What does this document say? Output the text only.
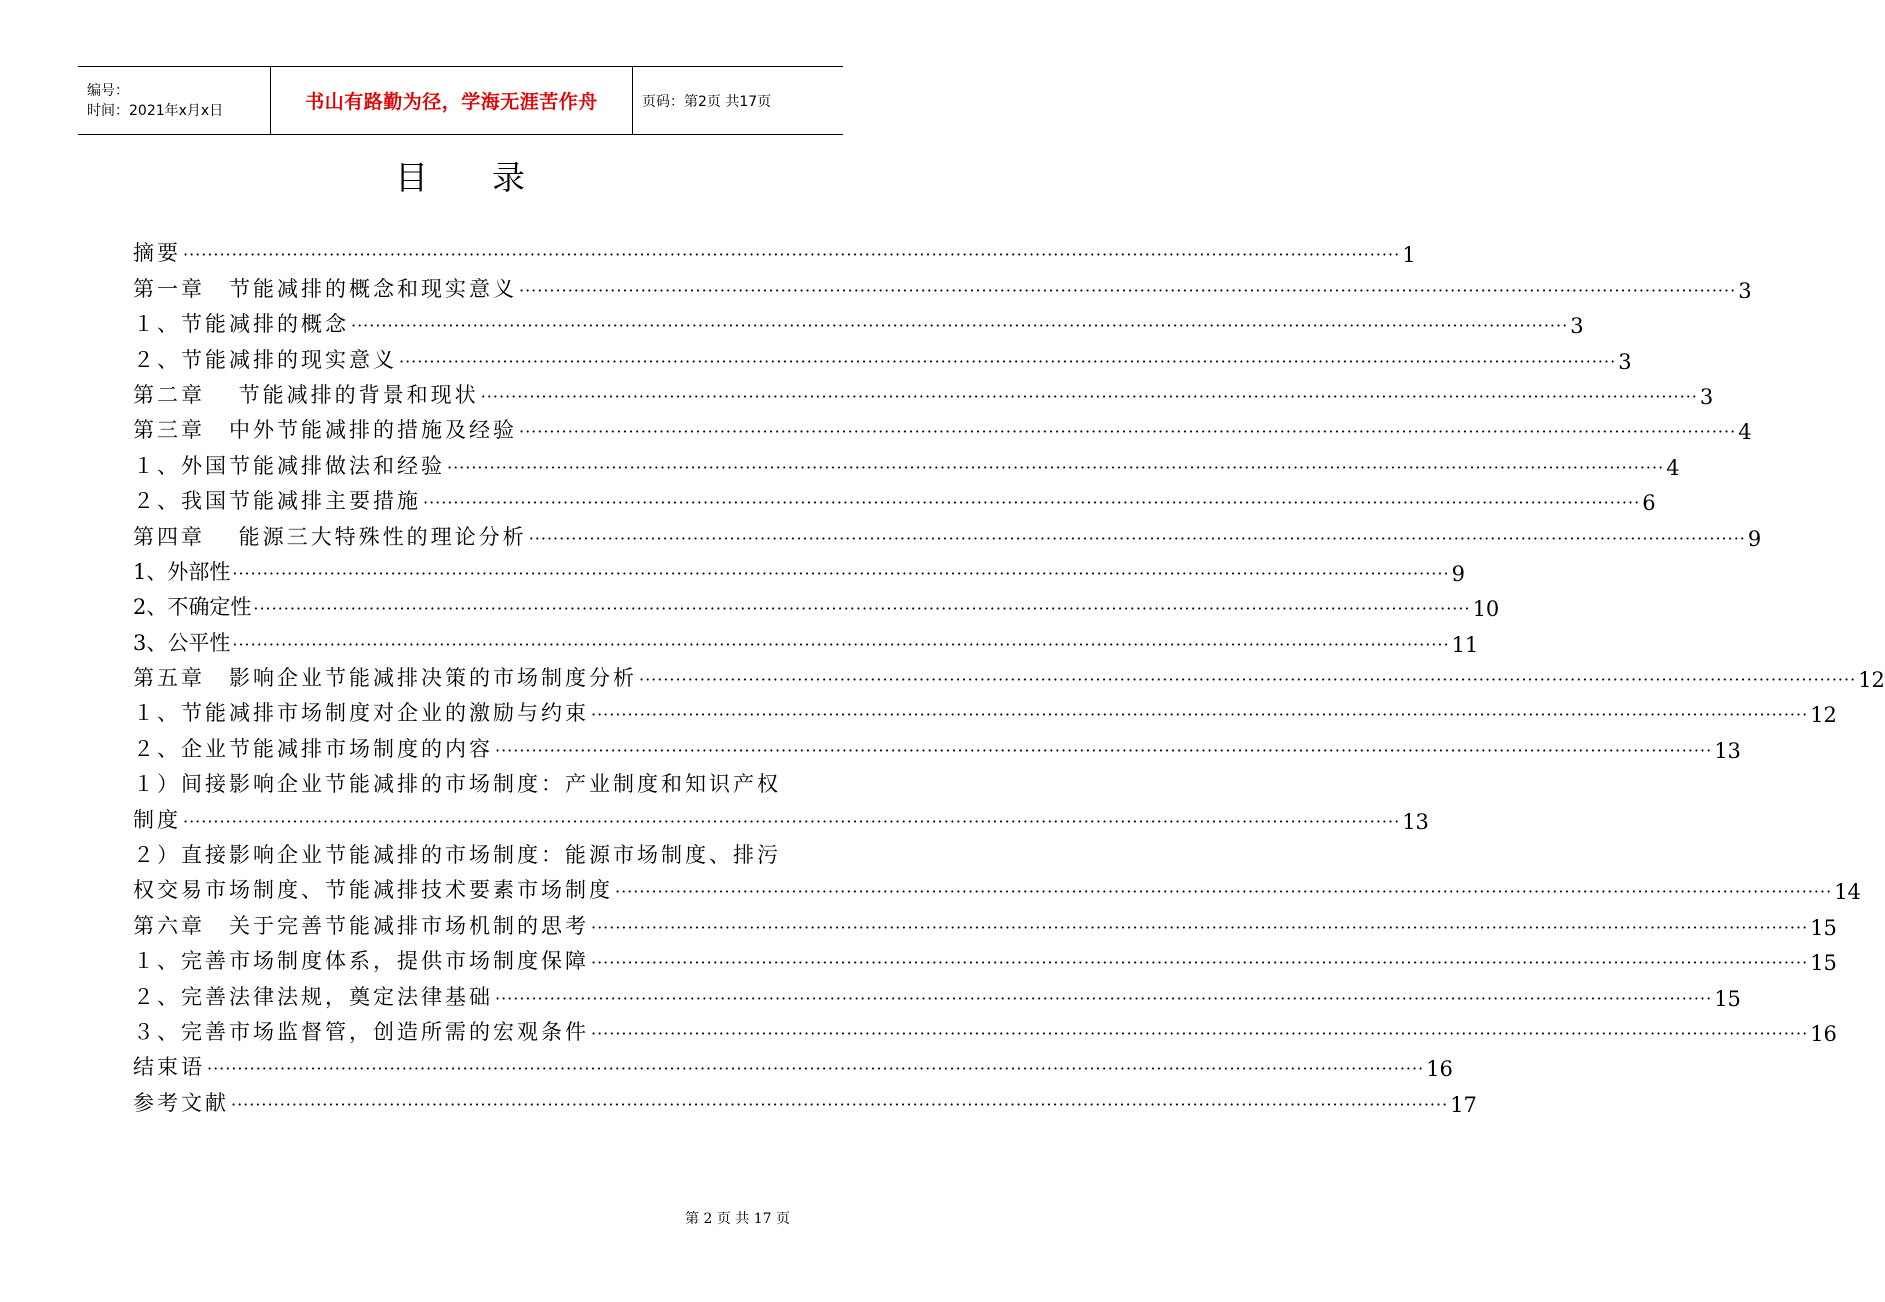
编号：
时间：2021年x月x日	书山有路勤为径，学海无涯苦作舟	页码：第2页 共17页
目 录
摘要 ········································································································································································································ 1
第一章　节能减排的概念和现实意义 ········································································································································································································ 3
１、节能减排的概念 ········································································································································································································ 3
２、节能减排的现实意义 ········································································································································································································ 3
第二章　 节能减排的背景和现状 ········································································································································································································ 3
第三章　中外节能减排的措施及经验 ········································································································································································································ 4
１、外国节能减排做法和经验 ········································································································································································································ 4
２、我国节能减排主要措施 ········································································································································································································ 6
第四章　 能源三大特殊性的理论分析 ········································································································································································································ 9
1、外部性 ········································································································································································································ 9
2、不确定性 ········································································································································································································ 10
3、公平性 ········································································································································································································ 11
第五章　影响企业节能减排决策的市场制度分析 ········································································································································································································ 12
１、节能减排市场制度对企业的激励与约束 ········································································································································································································ 12
２、企业节能减排市场制度的内容 ········································································································································································································ 13
１）间接影响企业节能减排的市场制度：产业制度和知识产权
制度 ········································································································································································································ 13
２）直接影响企业节能减排的市场制度：能源市场制度、排污
权交易市场制度、节能减排技术要素市场制度 ········································································································································································································ 14
第六章　关于完善节能减排市场机制的思考 ········································································································································································································ 15
１、完善市场制度体系，提供市场制度保障 ········································································································································································································ 15
２、完善法律法规，奠定法律基础 ········································································································································································································ 15
３、完善市场监督管，创造所需的宏观条件 ········································································································································································································ 16
结束语 ········································································································································································································ 16
参考文献 ········································································································································································································ 17
第 2 页 共 17 页
